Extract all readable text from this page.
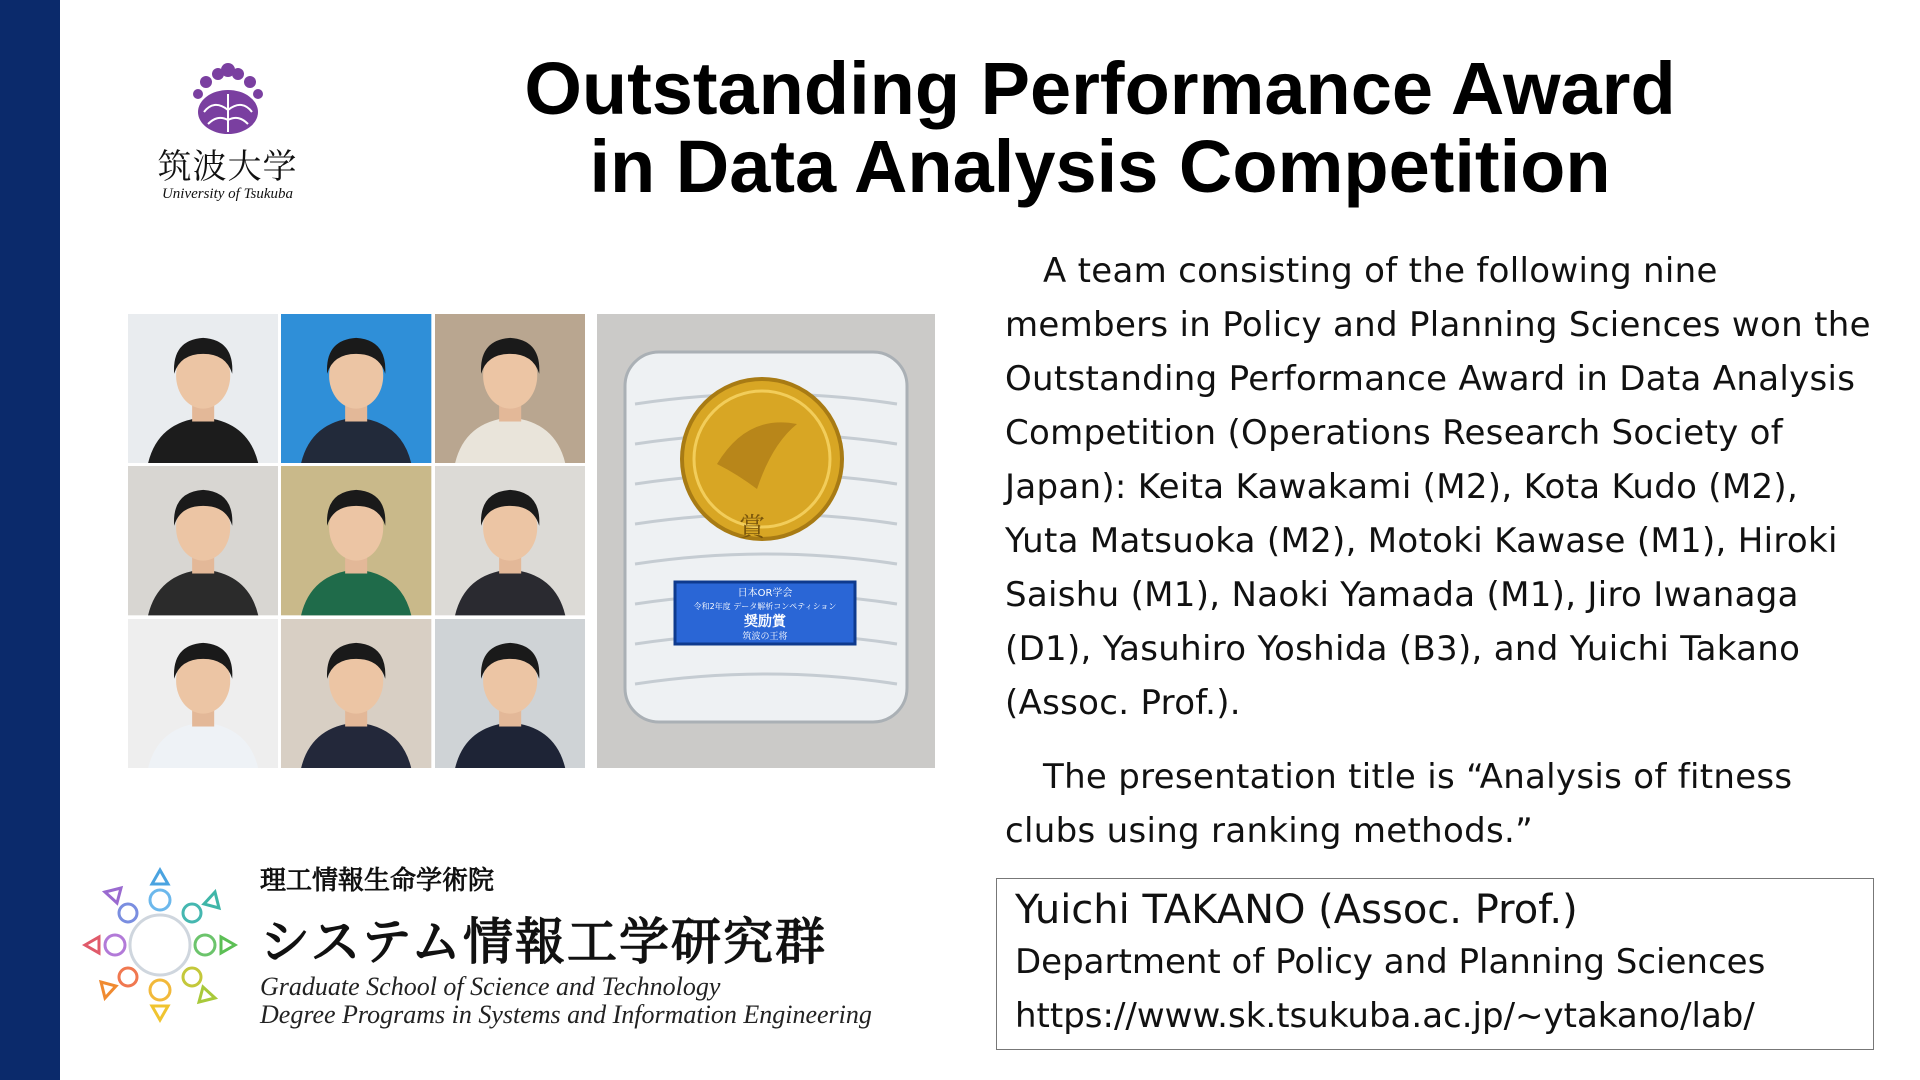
筑波大学
University of Tsukuba
Outstanding Performance Award
in Data Analysis Competition
賞
日本OR学会
令和2年度 データ解析コンペティション
奨励賞
筑波の王将

A team consisting of the following nine members in Policy and Planning Sciences won the Outstanding Performance Award in Data Analysis Competition (Operations Research Society of Japan): Keita Kawakami (M2), Kota Kudo (M2), Yuta Matsuoka (M2), Motoki Kawase (M1), Hiroki Saishu (M1), Naoki Yamada (M1), Jiro Iwanaga (D1), Yasuhiro Yoshida (B3), and Yuichi Takano (Assoc. Prof.).

The presentation title is “Analysis of fitness clubs using ranking methods.”

理工情報生命学術院
システム情報工学研究群
Graduate School of Science and Technology
Degree Programs in Systems and Information Engineering
Yuichi TAKANO (Assoc. Prof.)
Department of Policy and Planning Sciences
https://www.sk.tsukuba.ac.jp/~ytakano/lab/
